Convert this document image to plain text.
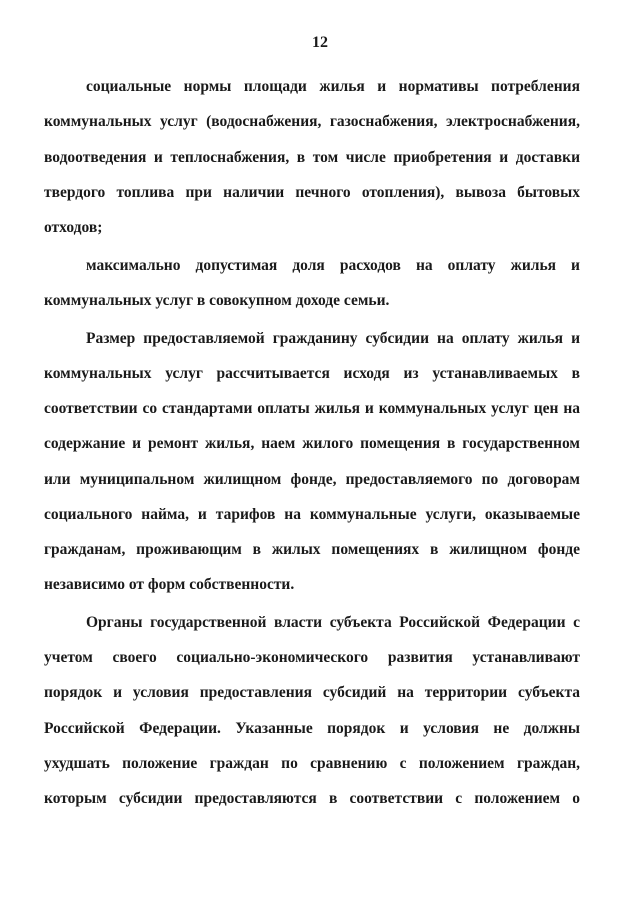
12
социальные нормы площади жилья и нормативы потребления
коммунальных услуг (водоснабжения, газоснабжения, электроснабжения,
водоотведения и теплоснабжения, в том числе приобретения и доставки
твердого топлива при наличии печного отопления), вывоза бытовых
отходов;
максимально допустимая доля расходов на оплату жилья и
коммунальных услуг в совокупном доходе семьи.
Размер предоставляемой гражданину субсидии на оплату жилья и
коммунальных услуг рассчитывается исходя из устанавливаемых в
соответствии со стандартами оплаты жилья и коммунальных услуг цен на
содержание и ремонт жилья, наем жилого помещения в государственном
или муниципальном жилищном фонде, предоставляемого по договорам
социального найма, и тарифов на коммунальные услуги, оказываемые
гражданам, проживающим в жилых помещениях в жилищном фонде
независимо от форм собственности.
Органы государственной власти субъекта Российской Федерации с
учетом своего социально-экономического развития устанавливают
порядок и условия предоставления субсидий на территории субъекта
Российской Федерации. Указанные порядок и условия не должны
ухудшать положение граждан по сравнению с положением граждан,
которым субсидии предоставляются в соответствии с положением о
